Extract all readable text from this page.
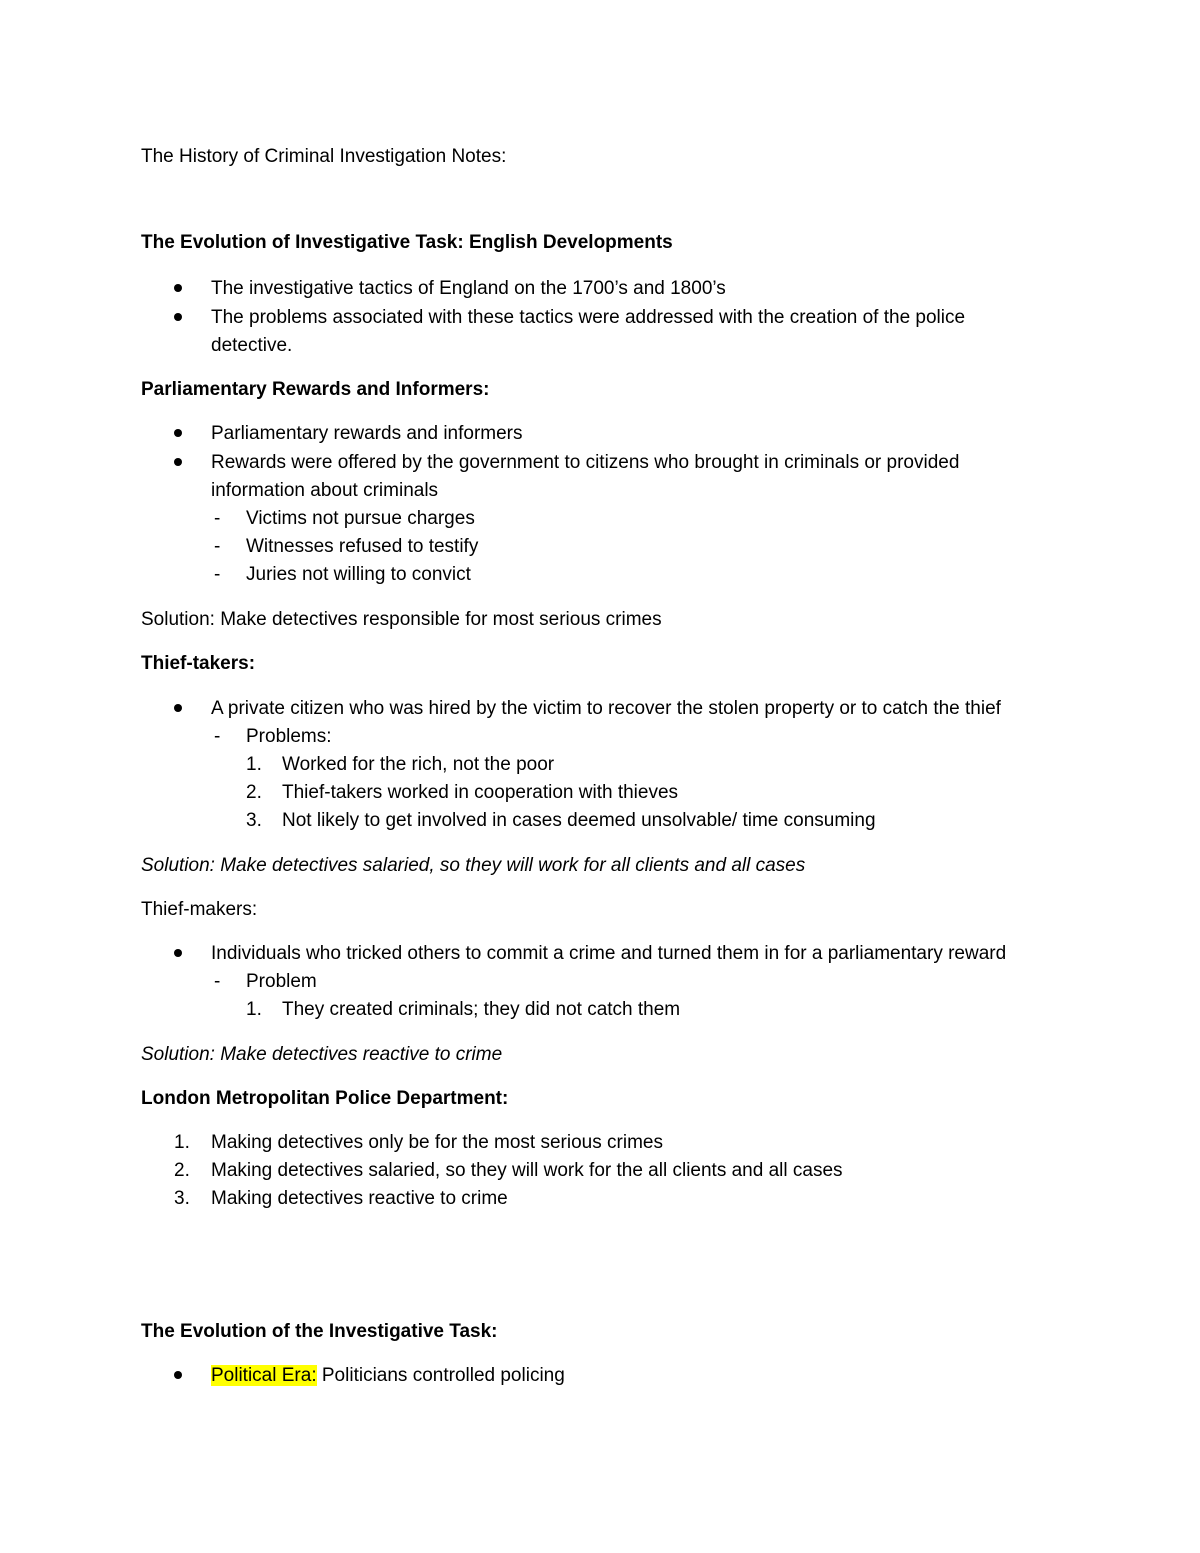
The History of Criminal Investigation Notes:
The Evolution of Investigative Task: English Developments
The investigative tactics of England on the 1700’s and 1800’s
The problems associated with these tactics were addressed with the creation of the police
detective.
Parliamentary Rewards and Informers:
Parliamentary rewards and informers
Rewards were offered by the government to citizens who brought in criminals or provided
information about criminals
- Victims not pursue charges
- Witnesses refused to testify
- Juries not willing to convict
Solution: Make detectives responsible for most serious crimes
Thief-takers:
A private citizen who was hired by the victim to recover the stolen property or to catch the thief
- Problems:
1. Worked for the rich, not the poor
2. Thief-takers worked in cooperation with thieves
3. Not likely to get involved in cases deemed unsolvable/ time consuming
Solution: Make detectives salaried, so they will work for all clients and all cases
Thief-makers:
Individuals who tricked others to commit a crime and turned them in for a parliamentary reward
- Problem
1. They created criminals; they did not catch them
Solution: Make detectives reactive to crime
London Metropolitan Police Department:
1. Making detectives only be for the most serious crimes
2. Making detectives salaried, so they will work for the all clients and all cases
3. Making detectives reactive to crime
The Evolution of the Investigative Task:
Political Era: Politicians controlled policing
